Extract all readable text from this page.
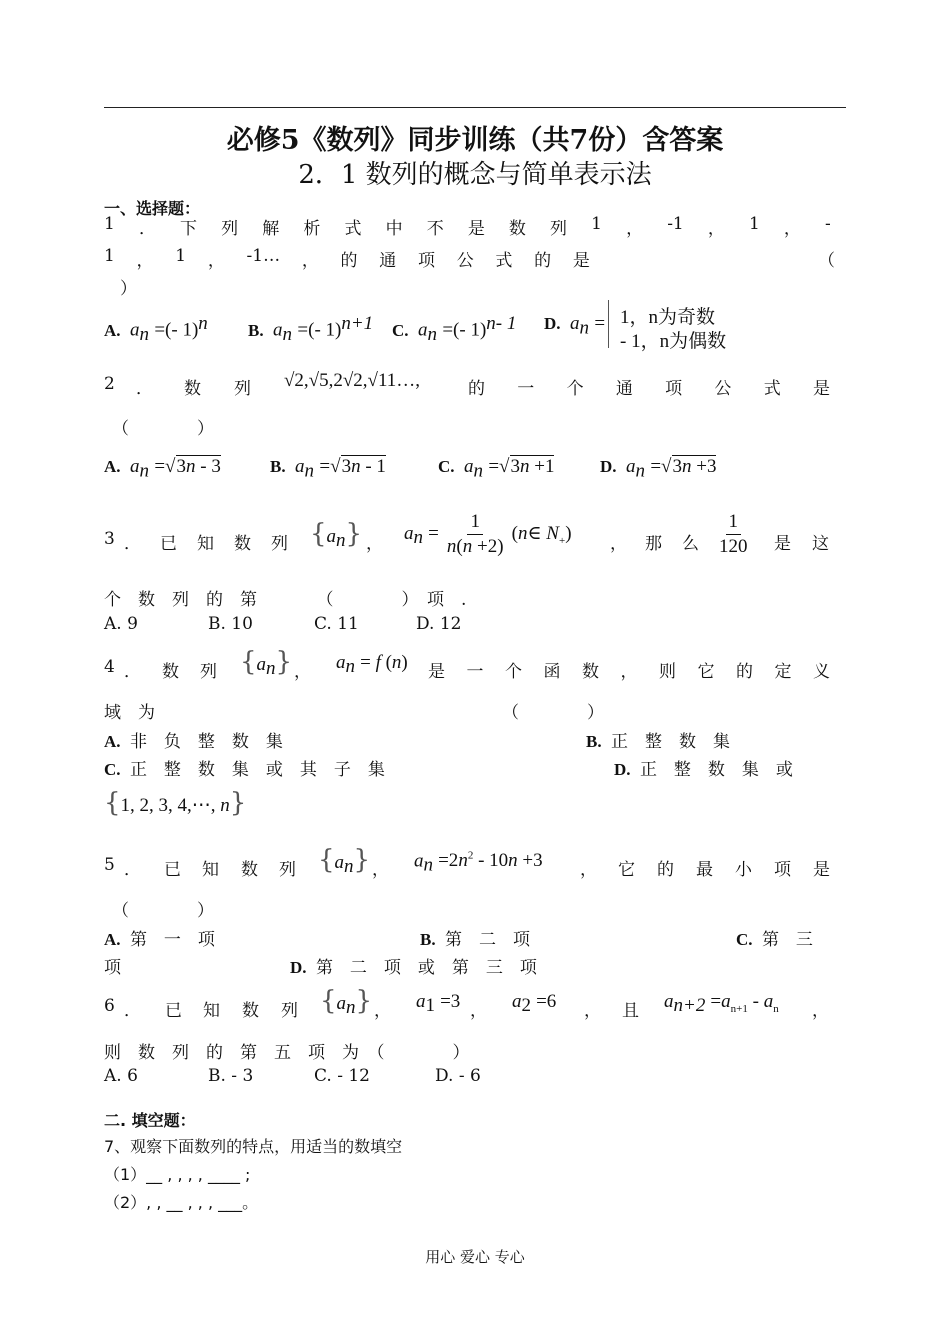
必修5《数列》同步训练（共7份）含答案
2．1 数列的概念与简单表示法
一、选择题：
1 ． 下 列 解 析 式 中 不 是 数 列 1 ， -1 ， 1 ， -
1 ， 1 ， -1… ， 的 通 项 公 式 的 是	（
）
A. $a_n$ =(- 1)$^n$ B. $a_n$ =(- 1)$^{n+1}$ C. $a_n$ =(- 1)$^{n- 1}$ D. $a_n = 1$，n为奇数
- 1，n为偶数
2 ． 数 列 √2,√5,2√2,√11…,	的 一 个 通 项 公 式 是
（　　　　）
A. $a_n =√3n - 3$	B. $a_n =√3n - 1$	C. $a_n =√3n +1$	D. $a_n =√3n +3$
3 ． 已 知 数 列 $\{a_n\}$ ， $a_n = \frac{1}{n(n +2)}$ (n∈ $N_+$) ， 那 么 $\frac{1}{120}$ 是 这
个　数　列　的　第　　　　（　　　　）　项　.
A. 9	B. 10	C. 11	D. 12
4 ． 数 列 $\{a_n\}$ ， $a_n = f$ (n) 是 一 个 函 数 ， 则 它 的 定 义
域　为	（　　　　）
A. 非　负　整　数　集	B. 正　整　数　集
C. 正　整　数　集　或　其　子　集	D. 正　整　数　集　或
{1, 2, 3, 4,⋯, n}
5 ． 已 知 数 列 $\{a_n\}$ ， $a_n =2n^2 - 10n +3$ ， 它 的 最 小 项 是
（　　　　）
A. 第　一　项	B. 第　二　项	C. 第　三
项	D. 第　二　项　或　第　三　项
6 ． 已 知 数 列 $\{a_n\}$ ， $a_1 =3$ ， $a_2 =6$ ， 且 $a_{n+2} =a_{n+1} - a_n$ ，
则　数　列　的　第　五　项　为　（　　　　）
A. 6	B. - 3	C. - 12	D. - 6
二. 填空题：
7、观察下面数列的特点，用适当的数填空
（1）__ , , , , ____ ;
（2）, , __ , , , ___。
用心 爱心 专心
